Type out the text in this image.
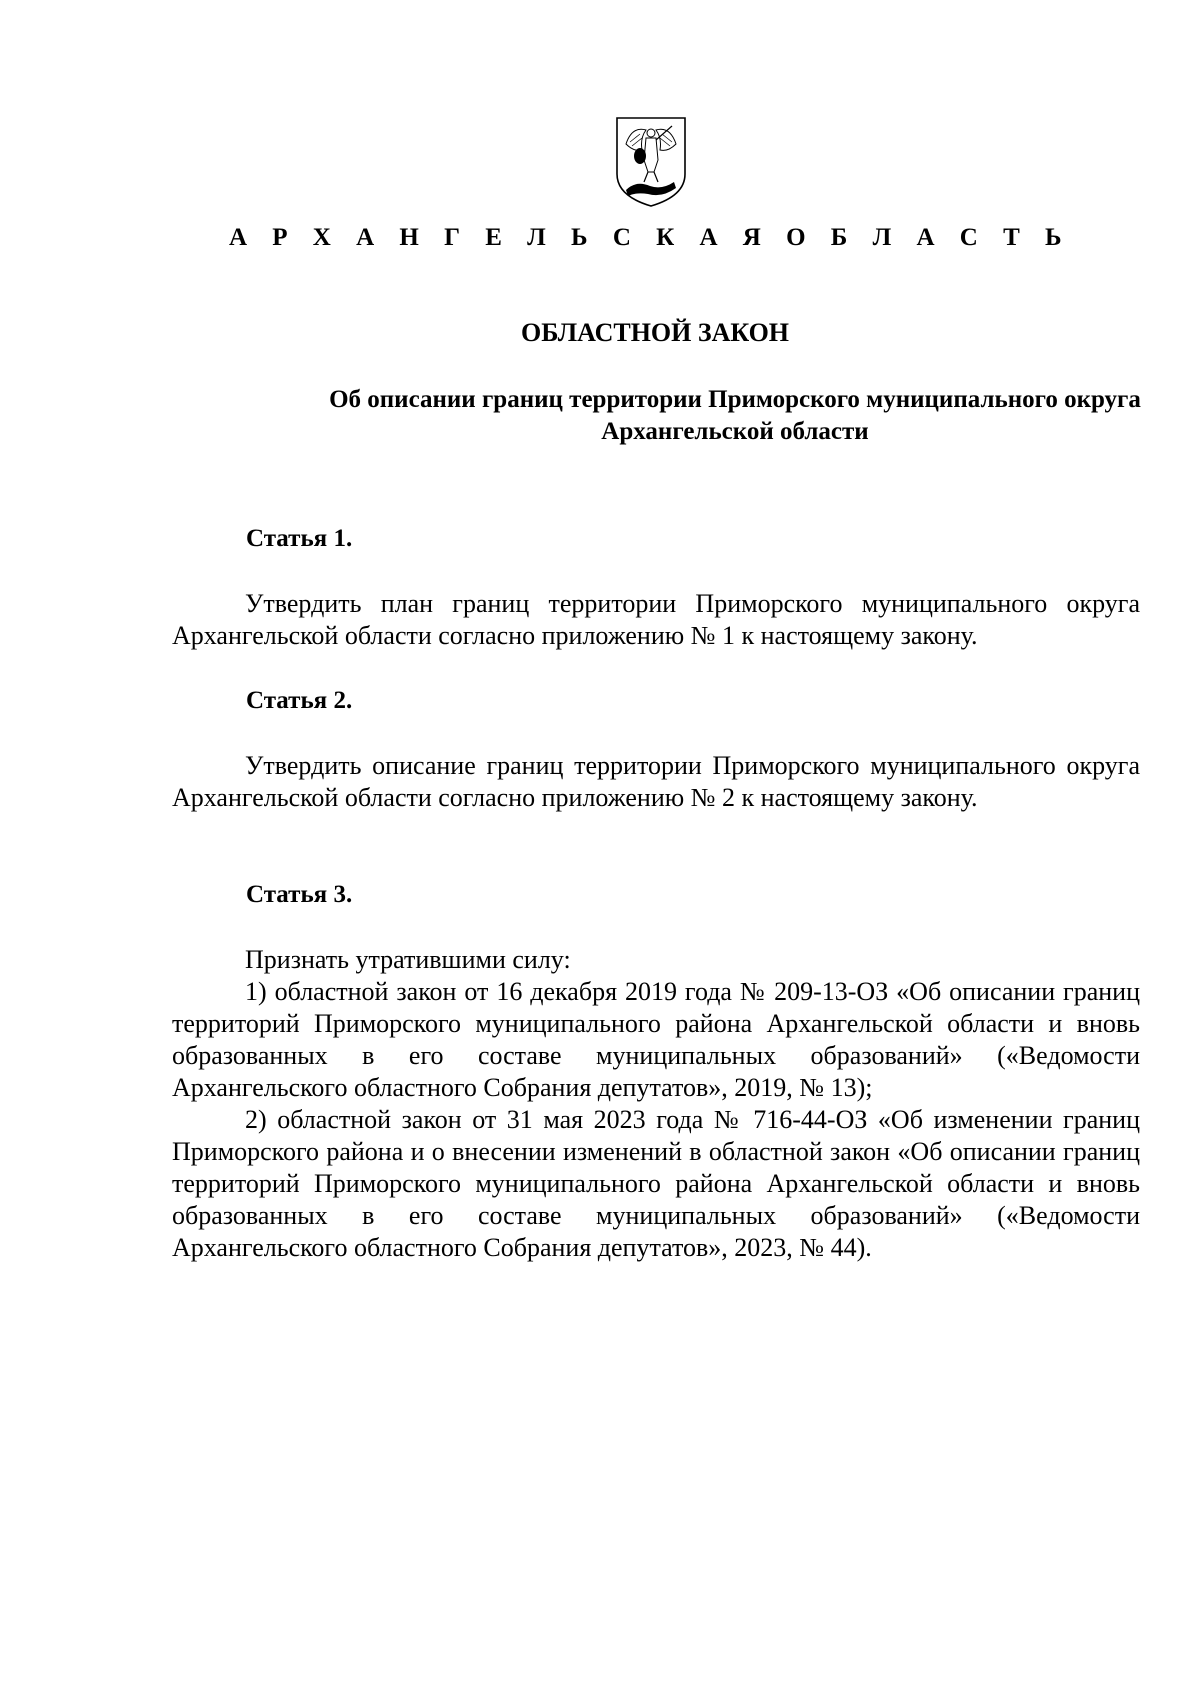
А Р Х А Н Г Е Л Ь С К А Я О Б Л А С Т Ь
ОБЛАСТНОЙ ЗАКОН
Об описании границ территории Приморского муниципального округа
Архангельской области
Статья 1.

Утвердить план границ территории Приморского муниципального округа Архангельской области согласно приложению № 1 к настоящему закону.

Статья 2.

Утвердить описание границ территории Приморского муниципального округа Архангельской области согласно приложению № 2 к настоящему закону.

Статья 3.
Признать утратившими силу:

1) областной закон от 16 декабря 2019 года № 209-13-ОЗ «Об описании границ территорий Приморского муниципального района Архангельской области и вновь образованных в его составе муниципальных образований» («Ведомости Архангельского областного Собрания депутатов», 2019, № 13);

2) областной закон от 31 мая 2023 года № 716-44-ОЗ «Об изменении границ Приморского района и о внесении изменений в областной закон «Об описании границ территорий Приморского муниципального района Архангельской области и вновь образованных в его составе муниципальных образований» («Ведомости Архангельского областного Собрания депутатов», 2023, № 44).
